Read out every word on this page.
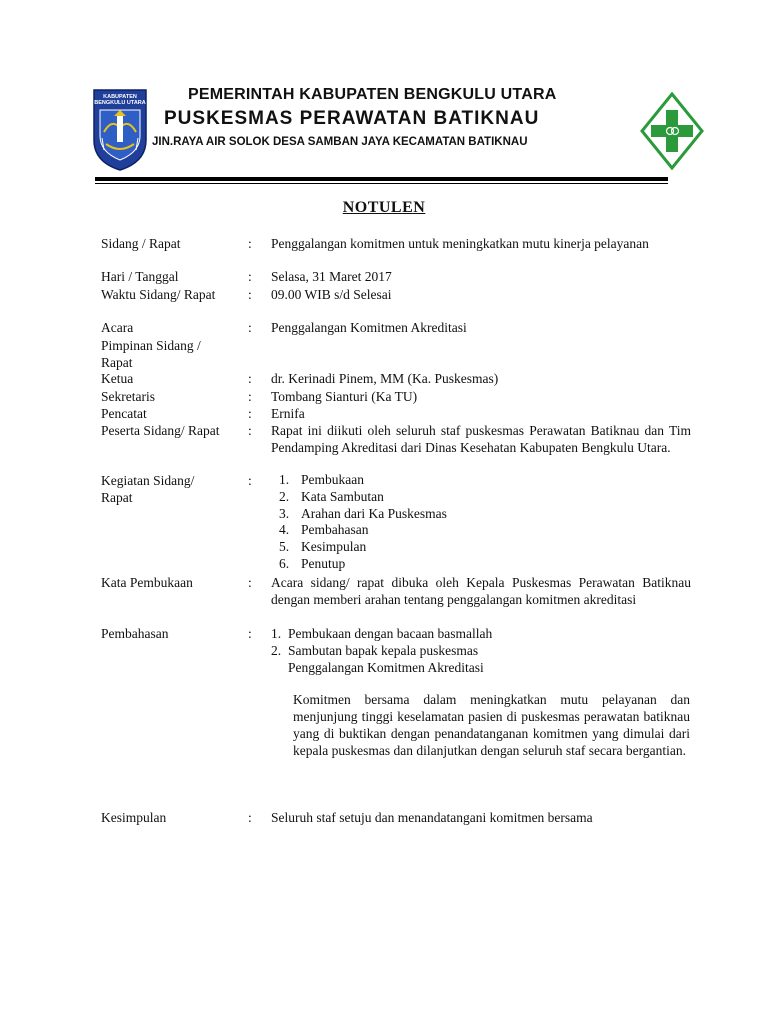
KABUPATEN
BENGKULU UTARA	PEMERINTAH KABUPATEN BENGKULU UTARA
PUSKESMAS PERAWATAN BATIKNAU
JIN.RAYA AIR SOLOK DESA SAMBAN JAYA KECAMATAN BATIKNAU
NOTULEN
Sidang / Rapat	: Penggalangan komitmen untuk meningkatkan mutu kinerja pelayanan
Hari / Tanggal	: Selasa, 31 Maret 2017
Waktu Sidang/ Rapat	: 09.00 WIB s/d Selesai
Acara	: Penggalangan Komitmen Akreditasi
Pimpinan Sidang / Rapat
Ketua	: dr. Kerinadi Pinem, MM (Ka. Puskesmas)
Sekretaris	: Tombang Sianturi (Ka TU)
Pencatat	: Ernifa
Peserta Sidang/ Rapat : Rapat ini diikuti oleh seluruh staf puskesmas Perawatan Batiknau dan Tim Pendamping Akreditasi dari Dinas Kesehatan Kabupaten Bengkulu Utara.
Kegiatan Sidang/ Rapat
: 1. Pembukaan
2. Kata Sambutan
3. Arahan dari Ka Puskesmas
4. Pembahasan
5. Kesimpulan
6. Penutup
Kata Pembukaan	: Acara sidang/ rapat dibuka oleh Kepala Puskesmas Perawatan Batiknau dengan memberi arahan tentang penggalangan komitmen akreditasi
Pembahasan	: 1. Pembukaan dengan bacaan basmallah
2. Sambutan bapak kepala puskesmas
Penggalangan Komitmen Akreditasi
Komitmen bersama dalam meningkatkan mutu pelayanan dan menjunjung tinggi keselamatan pasien di puskesmas perawatan batiknau yang di buktikan dengan penandatanganan komitmen yang dimulai dari kepala puskesmas dan dilanjutkan dengan seluruh staf secara bergantian.
Kesimpulan	: Seluruh staf setuju dan menandatangani komitmen bersama
